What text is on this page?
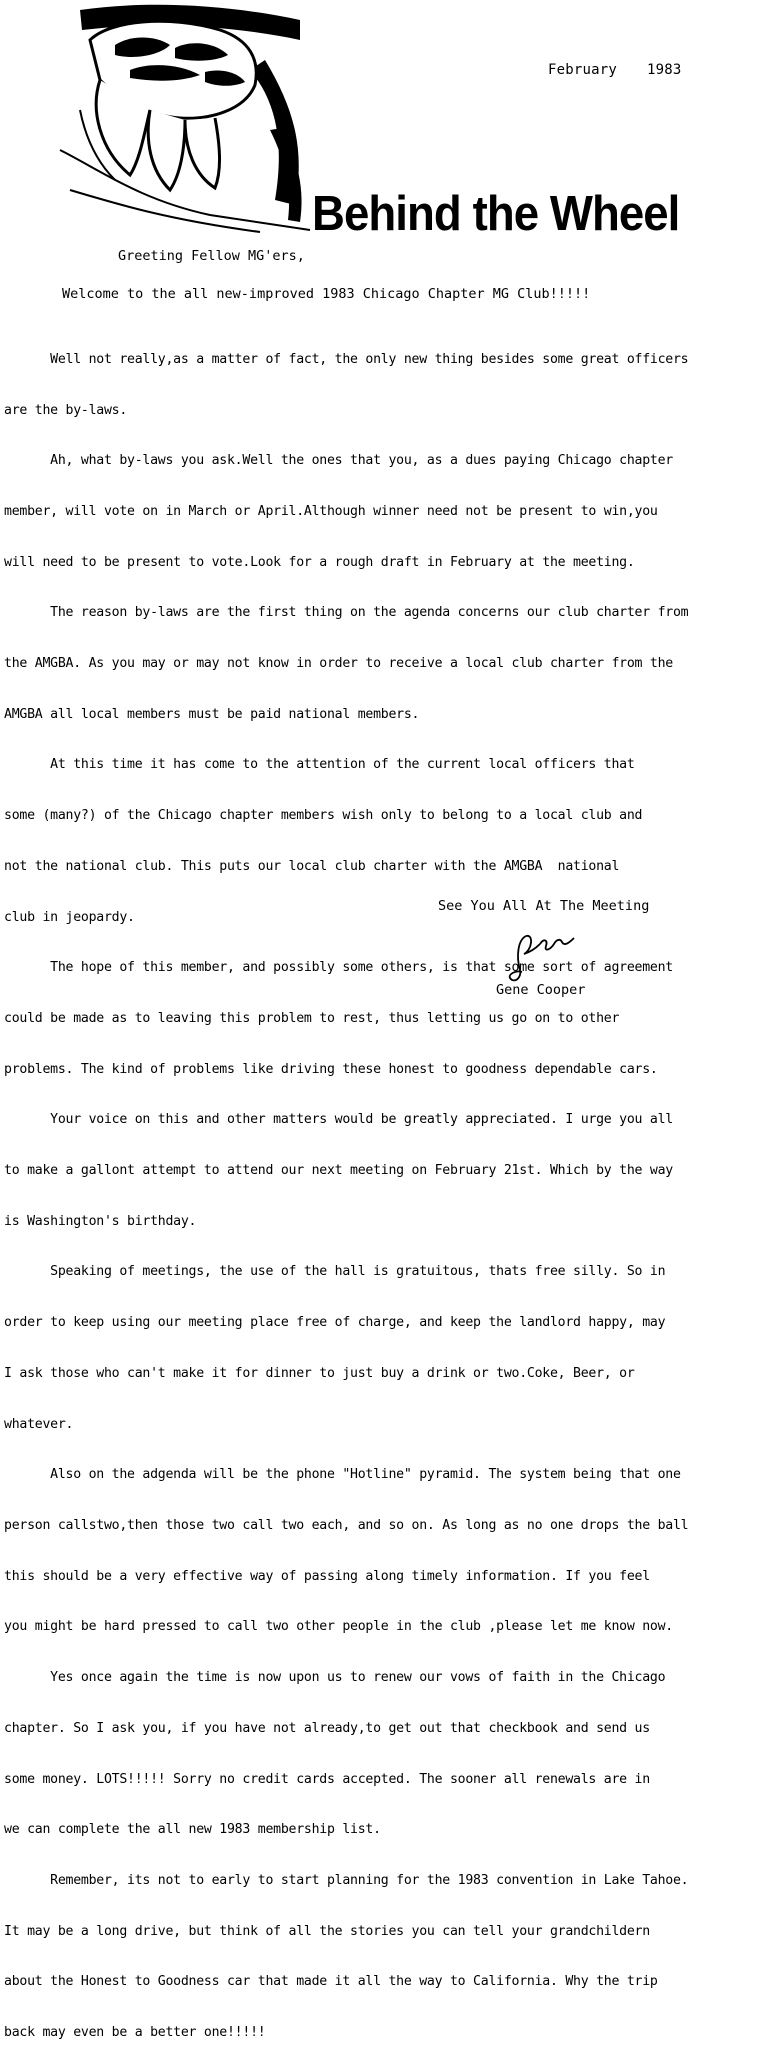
February 1983
Behind the Wheel
Greeting Fellow MG'ers,
Welcome to the all new-improved 1983 Chicago Chapter MG Club!!!!!

Well not really,as a matter of fact, the only new thing besides some great officers

are the by-laws.

Ah, what by-laws you ask.Well the ones that you, as a dues paying Chicago chapter

member, will vote on in March or April.Although winner need not be present to win,you

will need to be present to vote.Look for a rough draft in February at the meeting.

The reason by-laws are the first thing on the agenda concerns our club charter from

the AMGBA. As you may or may not know in order to receive a local club charter from the

AMGBA all local members must be paid national members.

At this time it has come to the attention of the current local officers that

some (many?) of the Chicago chapter members wish only to belong to a local club and

not the national club. This puts our local club charter with the AMGBA  national

club in jeopardy.

The hope of this member, and possibly some others, is that some sort of agreement

could be made as to leaving this problem to rest, thus letting us go on to other

problems. The kind of problems like driving these honest to goodness dependable cars.

Your voice on this and other matters would be greatly appreciated. I urge you all

to make a gallont attempt to attend our next meeting on February 21st. Which by the way

is Washington's birthday.

Speaking of meetings, the use of the hall is gratuitous, thats free silly. So in

order to keep using our meeting place free of charge, and keep the landlord happy, may

I ask those who can't make it for dinner to just buy a drink or two.Coke, Beer, or

whatever.

Also on the adgenda will be the phone "Hotline" pyramid. The system being that one

person callstwo,then those two call two each, and so on. As long as no one drops the ball

this should be a very effective way of passing along timely information. If you feel

you might be hard pressed to call two other people in the club ,please let me know now.

Yes once again the time is now upon us to renew our vows of faith in the Chicago

chapter. So I ask you, if you have not already,to get out that checkbook and send us

some money. LOTS!!!!! Sorry no credit cards accepted. The sooner all renewals are in

we can complete the all new 1983 membership list.

Remember, its not to early to start planning for the 1983 convention in Lake Tahoe.

It may be a long drive, but think of all the stories you can tell your grandchildern

about the Honest to Goodness car that made it all the way to California. Why the trip

back may even be a better one!!!!!

See You All At The Meeting
Gene Cooper
